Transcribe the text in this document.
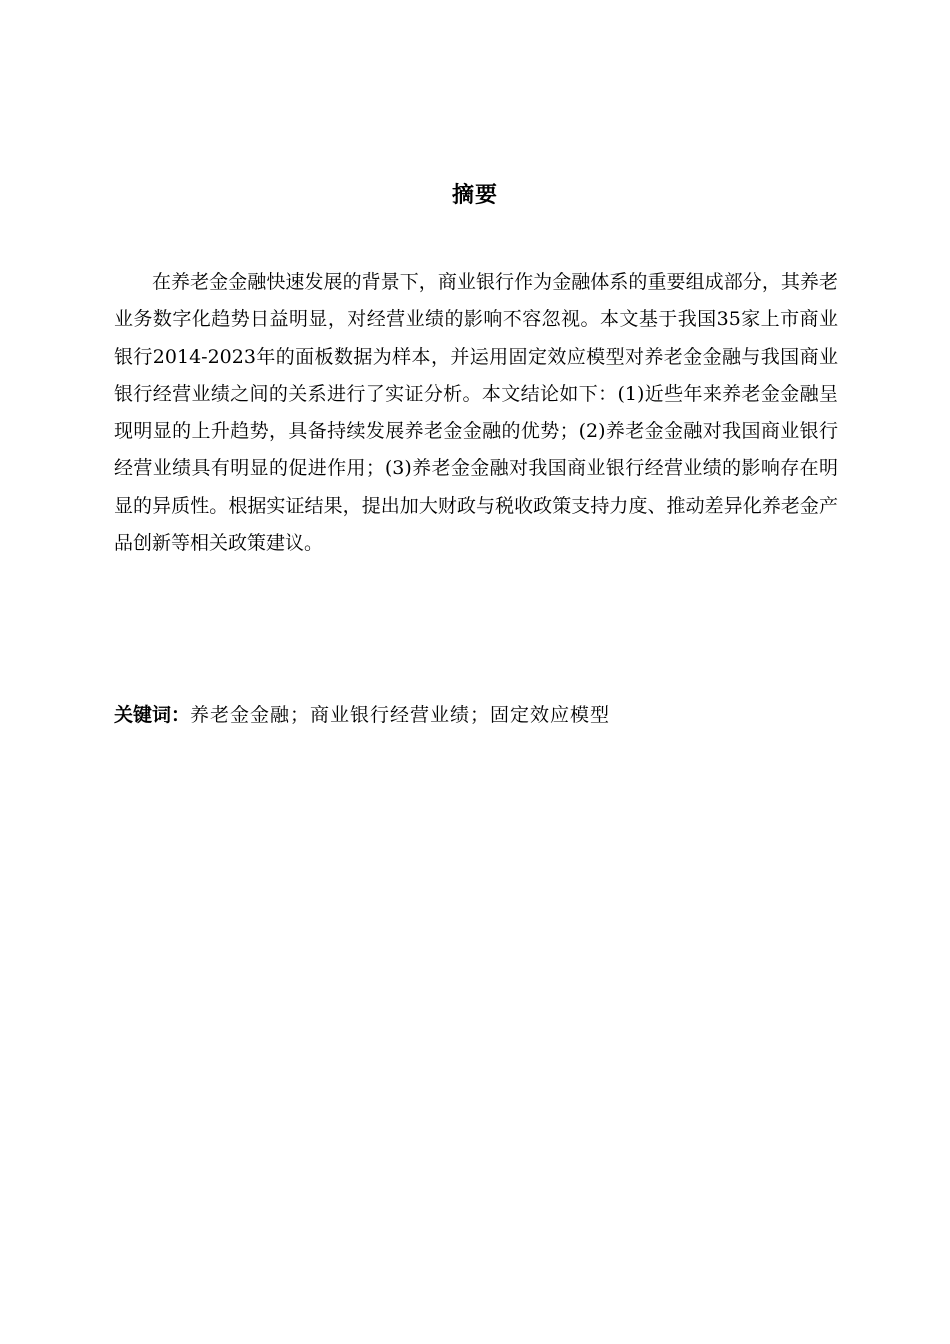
摘要

在养老金金融快速发展的背景下，商业银行作为金融体系的重要组成部分，其养老业务数字化趋势日益明显，对经营业绩的影响不容忽视。本文基于我国35家上市商业银行2014-2023年的面板数据为样本，并运用固定效应模型对养老金金融与我国商业银行经营业绩之间的关系进行了实证分析。本文结论如下：(1)近些年来养老金金融呈现明显的上升趋势，具备持续发展养老金金融的优势；(2)养老金金融对我国商业银行经营业绩具有明显的促进作用；(3)养老金金融对我国商业银行经营业绩的影响存在明显的异质性。根据实证结果，提出加大财政与税收政策支持力度、推动差异化养老金产品创新等相关政策建议。

关键词：养老金金融；商业银行经营业绩；固定效应模型
